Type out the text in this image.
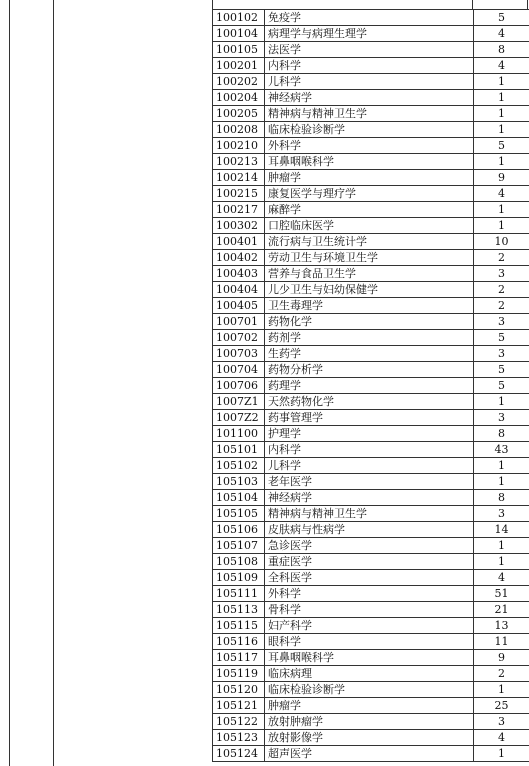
100102	免疫学	5
100104	病理学与病理生理学	4
100105	法医学	8
100201	内科学	4
100202	儿科学	1
100204	神经病学	1
100205	精神病与精神卫生学	1
100208	临床检验诊断学	1
100210	外科学	5
100213	耳鼻咽喉科学	1
100214	肿瘤学	9
100215	康复医学与理疗学	4
100217	麻醉学	1
100302	口腔临床医学	1
100401	流行病与卫生统计学	10
100402	劳动卫生与环境卫生学	2
100403	营养与食品卫生学	3
100404	儿少卫生与妇幼保健学	2
100405	卫生毒理学	2
100701	药物化学	3
100702	药剂学	5
100703	生药学	3
100704	药物分析学	5
100706	药理学	5
1007Z1	天然药物化学	1
1007Z2	药事管理学	3
101100	护理学	8
105101	内科学	43
105102	儿科学	1
105103	老年医学	1
105104	神经病学	8
105105	精神病与精神卫生学	3
105106	皮肤病与性病学	14
105107	急诊医学	1
105108	重症医学	1
105109	全科医学	4
105111	外科学	51
105113	骨科学	21
105115	妇产科学	13
105116	眼科学	11
105117	耳鼻咽喉科学	9
105119	临床病理	2
105120	临床检验诊断学	1
105121	肿瘤学	25
105122	放射肿瘤学	3
105123	放射影像学	4
105124	超声医学	1
